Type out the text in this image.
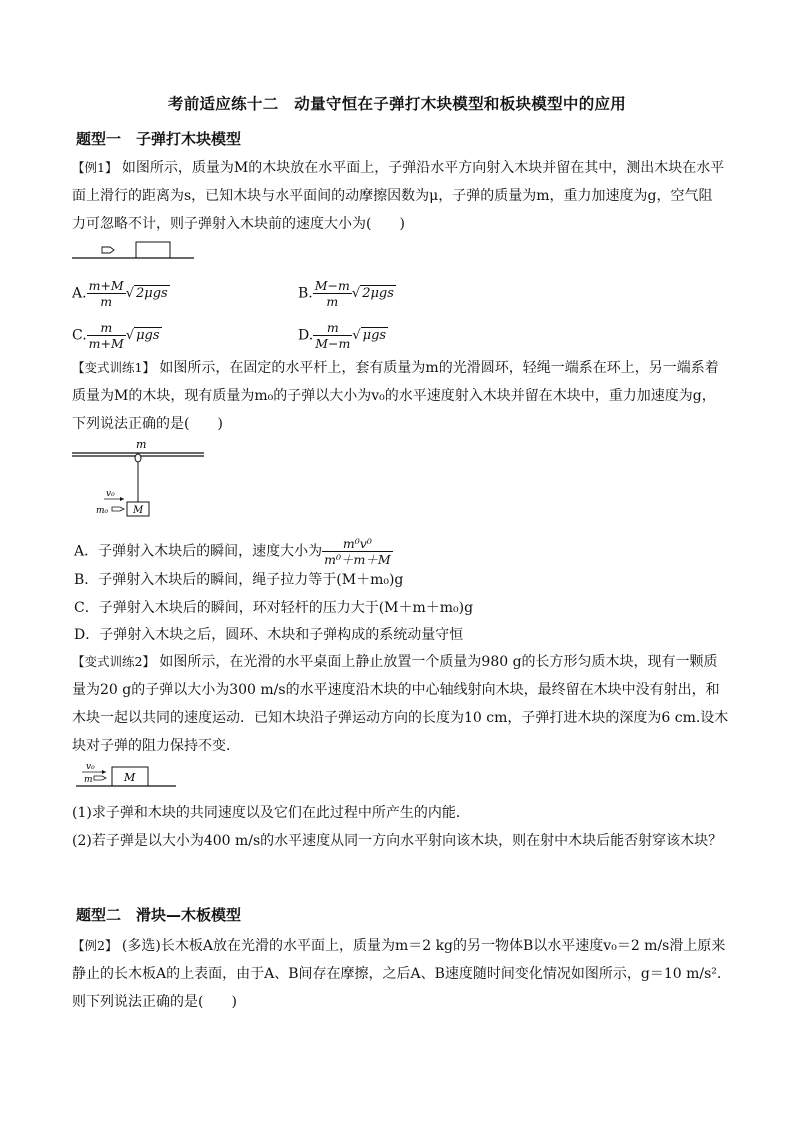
考前适应练十二　动量守恒在子弹打木块模型和板块模型中的应用
题型一　子弹打木块模型
【例1】 如图所示，质量为M的木块放在水平面上，子弹沿水平方向射入木块并留在其中，测出木块在水平
面上滑行的距离为s，已知木块与水平面间的动摩擦因数为μ，子弹的质量为m，重力加速度为g，空气阻
力可忽略不计，则子弹射入木块前的速度大小为(　　)
A. $\frac{m+M}{m}$ √ 2μgs	B. $\frac{M-m}{m}$ √ 2μgs
C. $\frac{m}{m+M}$ √ μgs	D. $\frac{m}{M-m}$ √ μgs
【变式训练1】 如图所示，在固定的水平杆上，套有质量为m的光滑圆环，轻绳一端系在环上，另一端系着
质量为M的木块，现有质量为m₀的子弹以大小为v₀的水平速度射入木块并留在木块中，重力加速度为g，
下列说法正确的是(　　)
m
M
v₀
m₀
A．子弹射入木块后的瞬间，速度大小为 $\frac{\text{m⁰v⁰}}{\text{m⁰＋m＋M}}$
B．子弹射入木块后的瞬间，绳子拉力等于(M＋m₀)g
C．子弹射入木块后的瞬间，环对轻杆的压力大于(M＋m＋m₀)g
D．子弹射入木块之后，圆环、木块和子弹构成的系统动量守恒
【变式训练2】 如图所示，在光滑的水平桌面上静止放置一个质量为980 g的长方形匀质木块，现有一颗质
量为20 g的子弹以大小为300 m/s的水平速度沿木块的中心轴线射向木块，最终留在木块中没有射出，和
木块一起以共同的速度运动．已知木块沿子弹运动方向的长度为10 cm，子弹打进木块的深度为6 cm.设木
块对子弹的阻力保持不变．
v₀
m	M
(1)求子弹和木块的共同速度以及它们在此过程中所产生的内能．
(2)若子弹是以大小为400 m/s的水平速度从同一方向水平射向该木块，则在射中木块后能否射穿该木块？
题型二　滑块—木板模型
【例2】 (多选)长木板A放在光滑的水平面上，质量为m＝2 kg的另一物体B以水平速度v₀＝2 m/s滑上原来
静止的长木板A的上表面，由于A、B间存在摩擦，之后A、B速度随时间变化情况如图所示，g＝10 m/s².
则下列说法正确的是(　　)
